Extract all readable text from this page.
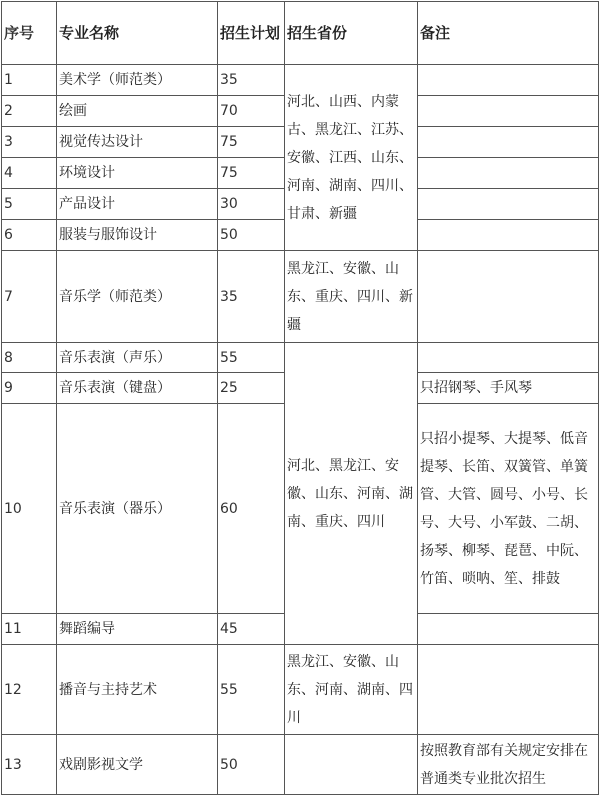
序号	专业名称	招生计划	招生省份	备注
1	美术学（师范类）	35	河北、山西、内蒙古、黑龙江、江苏、安徽、江西、山东、河南、湖南、四川、甘肃、新疆	
2	绘画	70		
3	视觉传达设计	75		
4	环境设计	75		
5	产品设计	30		
6	服装与服饰设计	50		
7	音乐学（师范类）	35	黑龙江、安徽、山东、重庆、四川、新疆	
8	音乐表演（声乐）	55	河北、黑龙江、安徽、山东、河南、湖南、重庆、四川	
9	音乐表演（键盘）	25		只招钢琴、手风琴
10	音乐表演（器乐）	60		只招小提琴、大提琴、低音提琴、长笛、双簧管、单簧管、大管、圆号、小号、长号、大号、小军鼓、二胡、扬琴、柳琴、琵琶、中阮、竹笛、唢呐、笙、排鼓
11	舞蹈编导	45		
12	播音与主持艺术	55	黑龙江、安徽、山东、河南、湖南、四川	
13	戏剧影视文学	50		按照教育部有关规定安排在普通类专业批次招生
